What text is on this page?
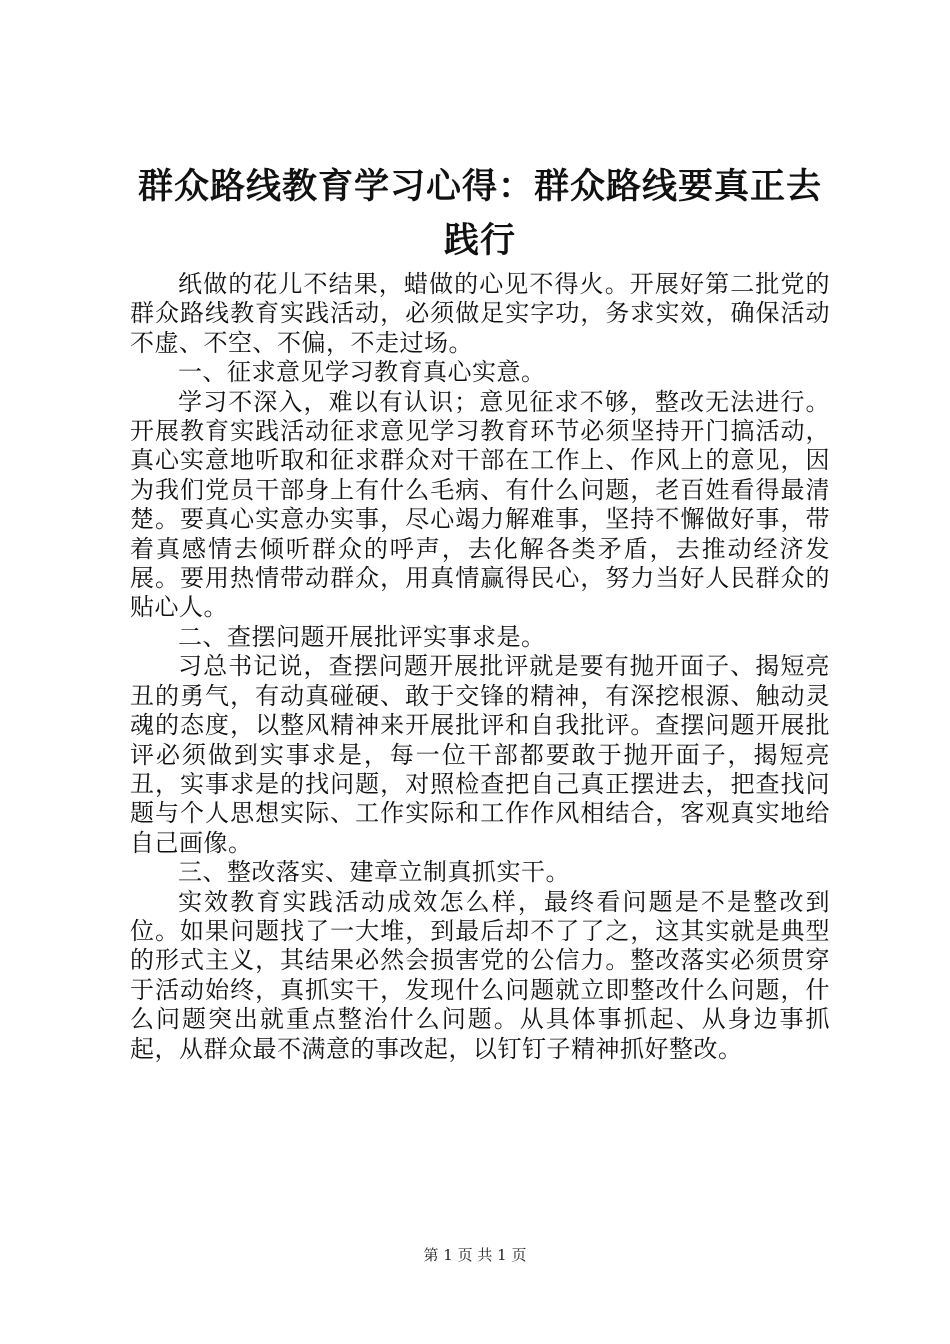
群众路线教育学习心得：群众路线要真正去践行

纸做的花儿不结果，蜡做的心见不得火。开展好第二批党的群众路线教育实践活动，必须做足实字功，务求实效，确保活动不虚、不空、不偏，不走过场。

一、征求意见学习教育真心实意。

学习不深入，难以有认识；意见征求不够，整改无法进行。开展教育实践活动征求意见学习教育环节必须坚持开门搞活动，真心实意地听取和征求群众对干部在工作上、作风上的意见，因为我们党员干部身上有什么毛病、有什么问题，老百姓看得最清楚。要真心实意办实事，尽心竭力解难事，坚持不懈做好事，带着真感情去倾听群众的呼声，去化解各类矛盾，去推动经济发展。要用热情带动群众，用真情赢得民心，努力当好人民群众的贴心人。

二、查摆问题开展批评实事求是。

习总书记说，查摆问题开展批评就是要有抛开面子、揭短亮丑的勇气，有动真碰硬、敢于交锋的精神，有深挖根源、触动灵魂的态度，以整风精神来开展批评和自我批评。查摆问题开展批评必须做到实事求是，每一位干部都要敢于抛开面子，揭短亮丑，实事求是的找问题，对照检查把自己真正摆进去，把查找问题与个人思想实际、工作实际和工作作风相结合，客观真实地给自己画像。

三、整改落实、建章立制真抓实干。

实效教育实践活动成效怎么样，最终看问题是不是整改到位。如果问题找了一大堆，到最后却不了了之，这其实就是典型的形式主义，其结果必然会损害党的公信力。整改落实必须贯穿于活动始终，真抓实干，发现什么问题就立即整改什么问题，什么问题突出就重点整治什么问题。从具体事抓起、从身边事抓起，从群众最不满意的事改起，以钉钉子精神抓好整改。

第 1 页 共 1 页
